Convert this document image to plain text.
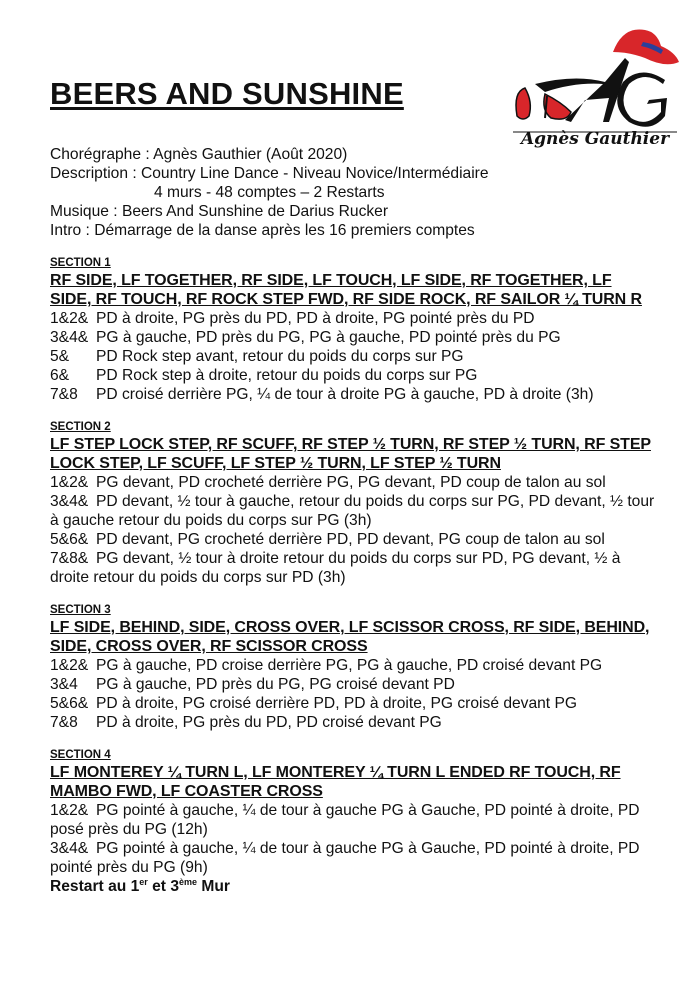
BEERS AND SUNSHINE
Agnès Gauthier

Chorégraphe : Agnès Gauthier (Août 2020)

Description : Country Line Dance - Niveau Novice/Intermédiaire

4 murs - 48 comptes – 2 Restarts

Musique : Beers And Sunshine de Darius Rucker

Intro : Démarrage de la danse après les 16 premiers comptes

SECTION 1

RF SIDE, LF TOGETHER, RF SIDE, LF TOUCH, LF SIDE, RF TOGETHER, LF SIDE, RF TOUCH, RF ROCK STEP FWD, RF SIDE ROCK, RF SAILOR ¼ TURN R

1&2& PD à droite, PG près du PD, PD à droite, PG pointé près du PD

3&4& PG à gauche, PD près du PG, PG à gauche, PD pointé près du PG

5& PD Rock step avant, retour du poids du corps sur PG

6& PD Rock step à droite, retour du poids du corps sur PG

7&8 PD croisé derrière PG, ¼ de tour à droite PG à gauche, PD à droite (3h)

SECTION 2

LF STEP LOCK STEP, RF SCUFF, RF STEP ½ TURN, RF STEP ½ TURN, RF STEP LOCK STEP, LF SCUFF, LF STEP ½ TURN, LF STEP ½ TURN

1&2& PG devant, PD crocheté derrière PG, PG devant, PD coup de talon au sol

3&4& PD devant, ½ tour à gauche, retour du poids du corps sur PG, PD devant, ½ tour à gauche retour du poids du corps sur PG (3h)

5&6& PD devant, PG crocheté derrière PD, PD devant, PG coup de talon au sol

7&8& PG devant, ½ tour à droite retour du poids du corps sur PD, PG devant, ½ à droite retour du poids du corps sur PD (3h)

SECTION 3

LF SIDE, BEHIND, SIDE, CROSS OVER, LF SCISSOR CROSS, RF SIDE, BEHIND, SIDE, CROSS OVER, RF SCISSOR CROSS

1&2& PG à gauche, PD croise derrière PG, PG à gauche, PD croisé devant PG

3&4 PG à gauche, PD près du PG, PG croisé devant PD

5&6& PD à droite, PG croisé derrière PD, PD à droite, PG croisé devant PG

7&8 PD à droite, PG près du PD, PD croisé devant PG

SECTION 4

LF MONTEREY ¼ TURN L, LF MONTEREY ¼ TURN L ENDED RF TOUCH, RF MAMBO FWD, LF COASTER CROSS

1&2& PG pointé à gauche, ¼ de tour à gauche PG à Gauche, PD pointé à droite, PD posé près du PG (12h)

3&4& PG pointé à gauche, ¼ de tour à gauche PG à Gauche, PD pointé à droite, PD pointé près du PG (9h)

Restart au 1er et 3ème Mur
